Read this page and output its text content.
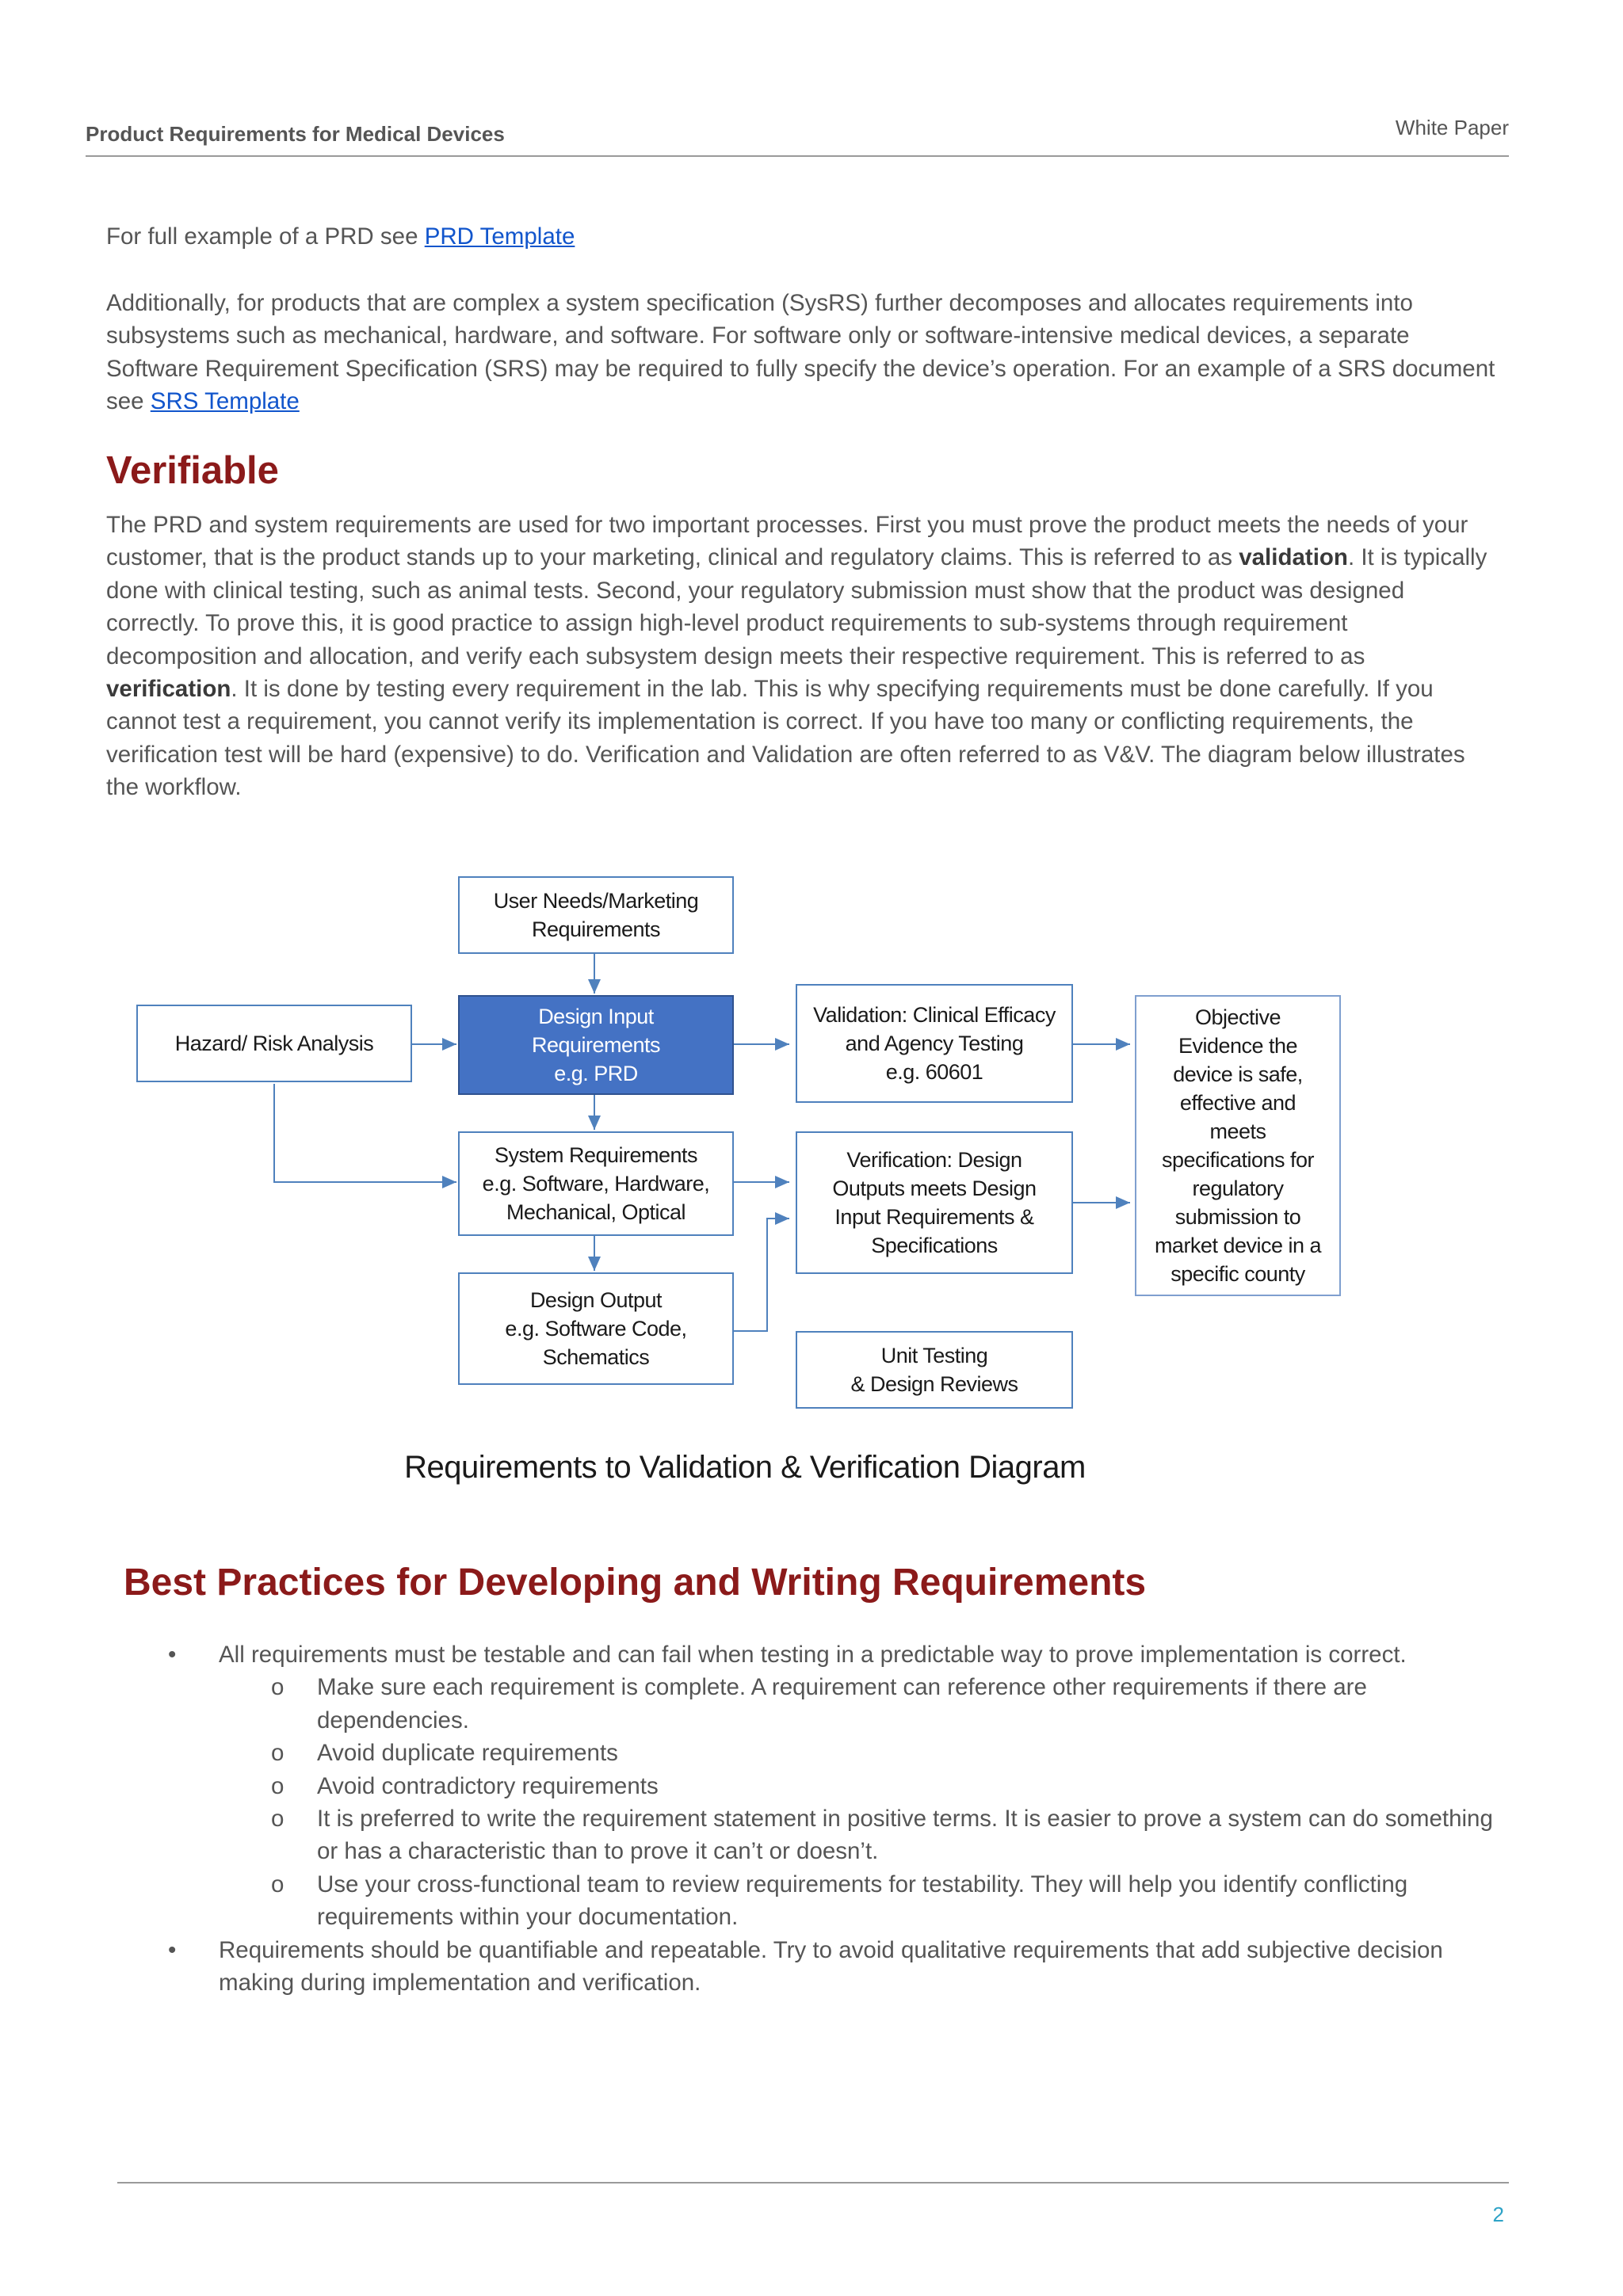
Product Requirements for Medical Devices	White Paper
For full example of a PRD see PRD Template
Additionally, for products that are complex a system specification (SysRS) further decomposes and allocates requirements into subsystems such as mechanical, hardware, and software. For software only or software-intensive medical devices, a separate Software Requirement Specification (SRS) may be required to fully specify the device’s operation. For an example of a SRS document see SRS Template
Verifiable
The PRD and system requirements are used for two important processes. First you must prove the product meets the needs of your customer, that is the product stands up to your marketing, clinical and regulatory claims. This is referred to as validation. It is typically done with clinical testing, such as animal tests. Second, your regulatory submission must show that the product was designed correctly. To prove this, it is good practice to assign high-level product requirements to sub-systems through requirement decomposition and allocation, and verify each subsystem design meets their respective requirement. This is referred to as verification. It is done by testing every requirement in the lab. This is why specifying requirements must be done carefully. If you cannot test a requirement, you cannot verify its implementation is correct. If you have too many or conflicting requirements, the verification test will be hard (expensive) to do. Verification and Validation are often referred to as V&V. The diagram below illustrates the workflow.
User Needs/Marketing
Requirements
Hazard/ Risk Analysis
Design Input
Requirements
e.g. PRD
Validation: Clinical Efficacy
and Agency Testing
e.g. 60601
Objective
Evidence the
device is safe,
effective and
meets
specifications for
regulatory
submission to
market device in a
specific county
System Requirements
e.g. Software, Hardware,
Mechanical, Optical
Verification: Design
Outputs meets Design
Input Requirements &
Specifications
Design Output
e.g. Software Code,
Schematics	Unit Testing
& Design Reviews
Requirements to Validation & Verification Diagram
Best Practices for Developing and Writing Requirements
• All requirements must be testable and can fail when testing in a predictable way to prove implementation is correct.
o Make sure each requirement is complete. A requirement can reference other requirements if there are dependencies.
o Avoid duplicate requirements
o Avoid contradictory requirements
o It is preferred to write the requirement statement in positive terms. It is easier to prove a system can do something or has a characteristic than to prove it can’t or doesn’t.
o Use your cross-functional team to review requirements for testability. They will help you identify conflicting requirements within your documentation.
• Requirements should be quantifiable and repeatable. Try to avoid qualitative requirements that add subjective decision making during implementation and verification.
2
